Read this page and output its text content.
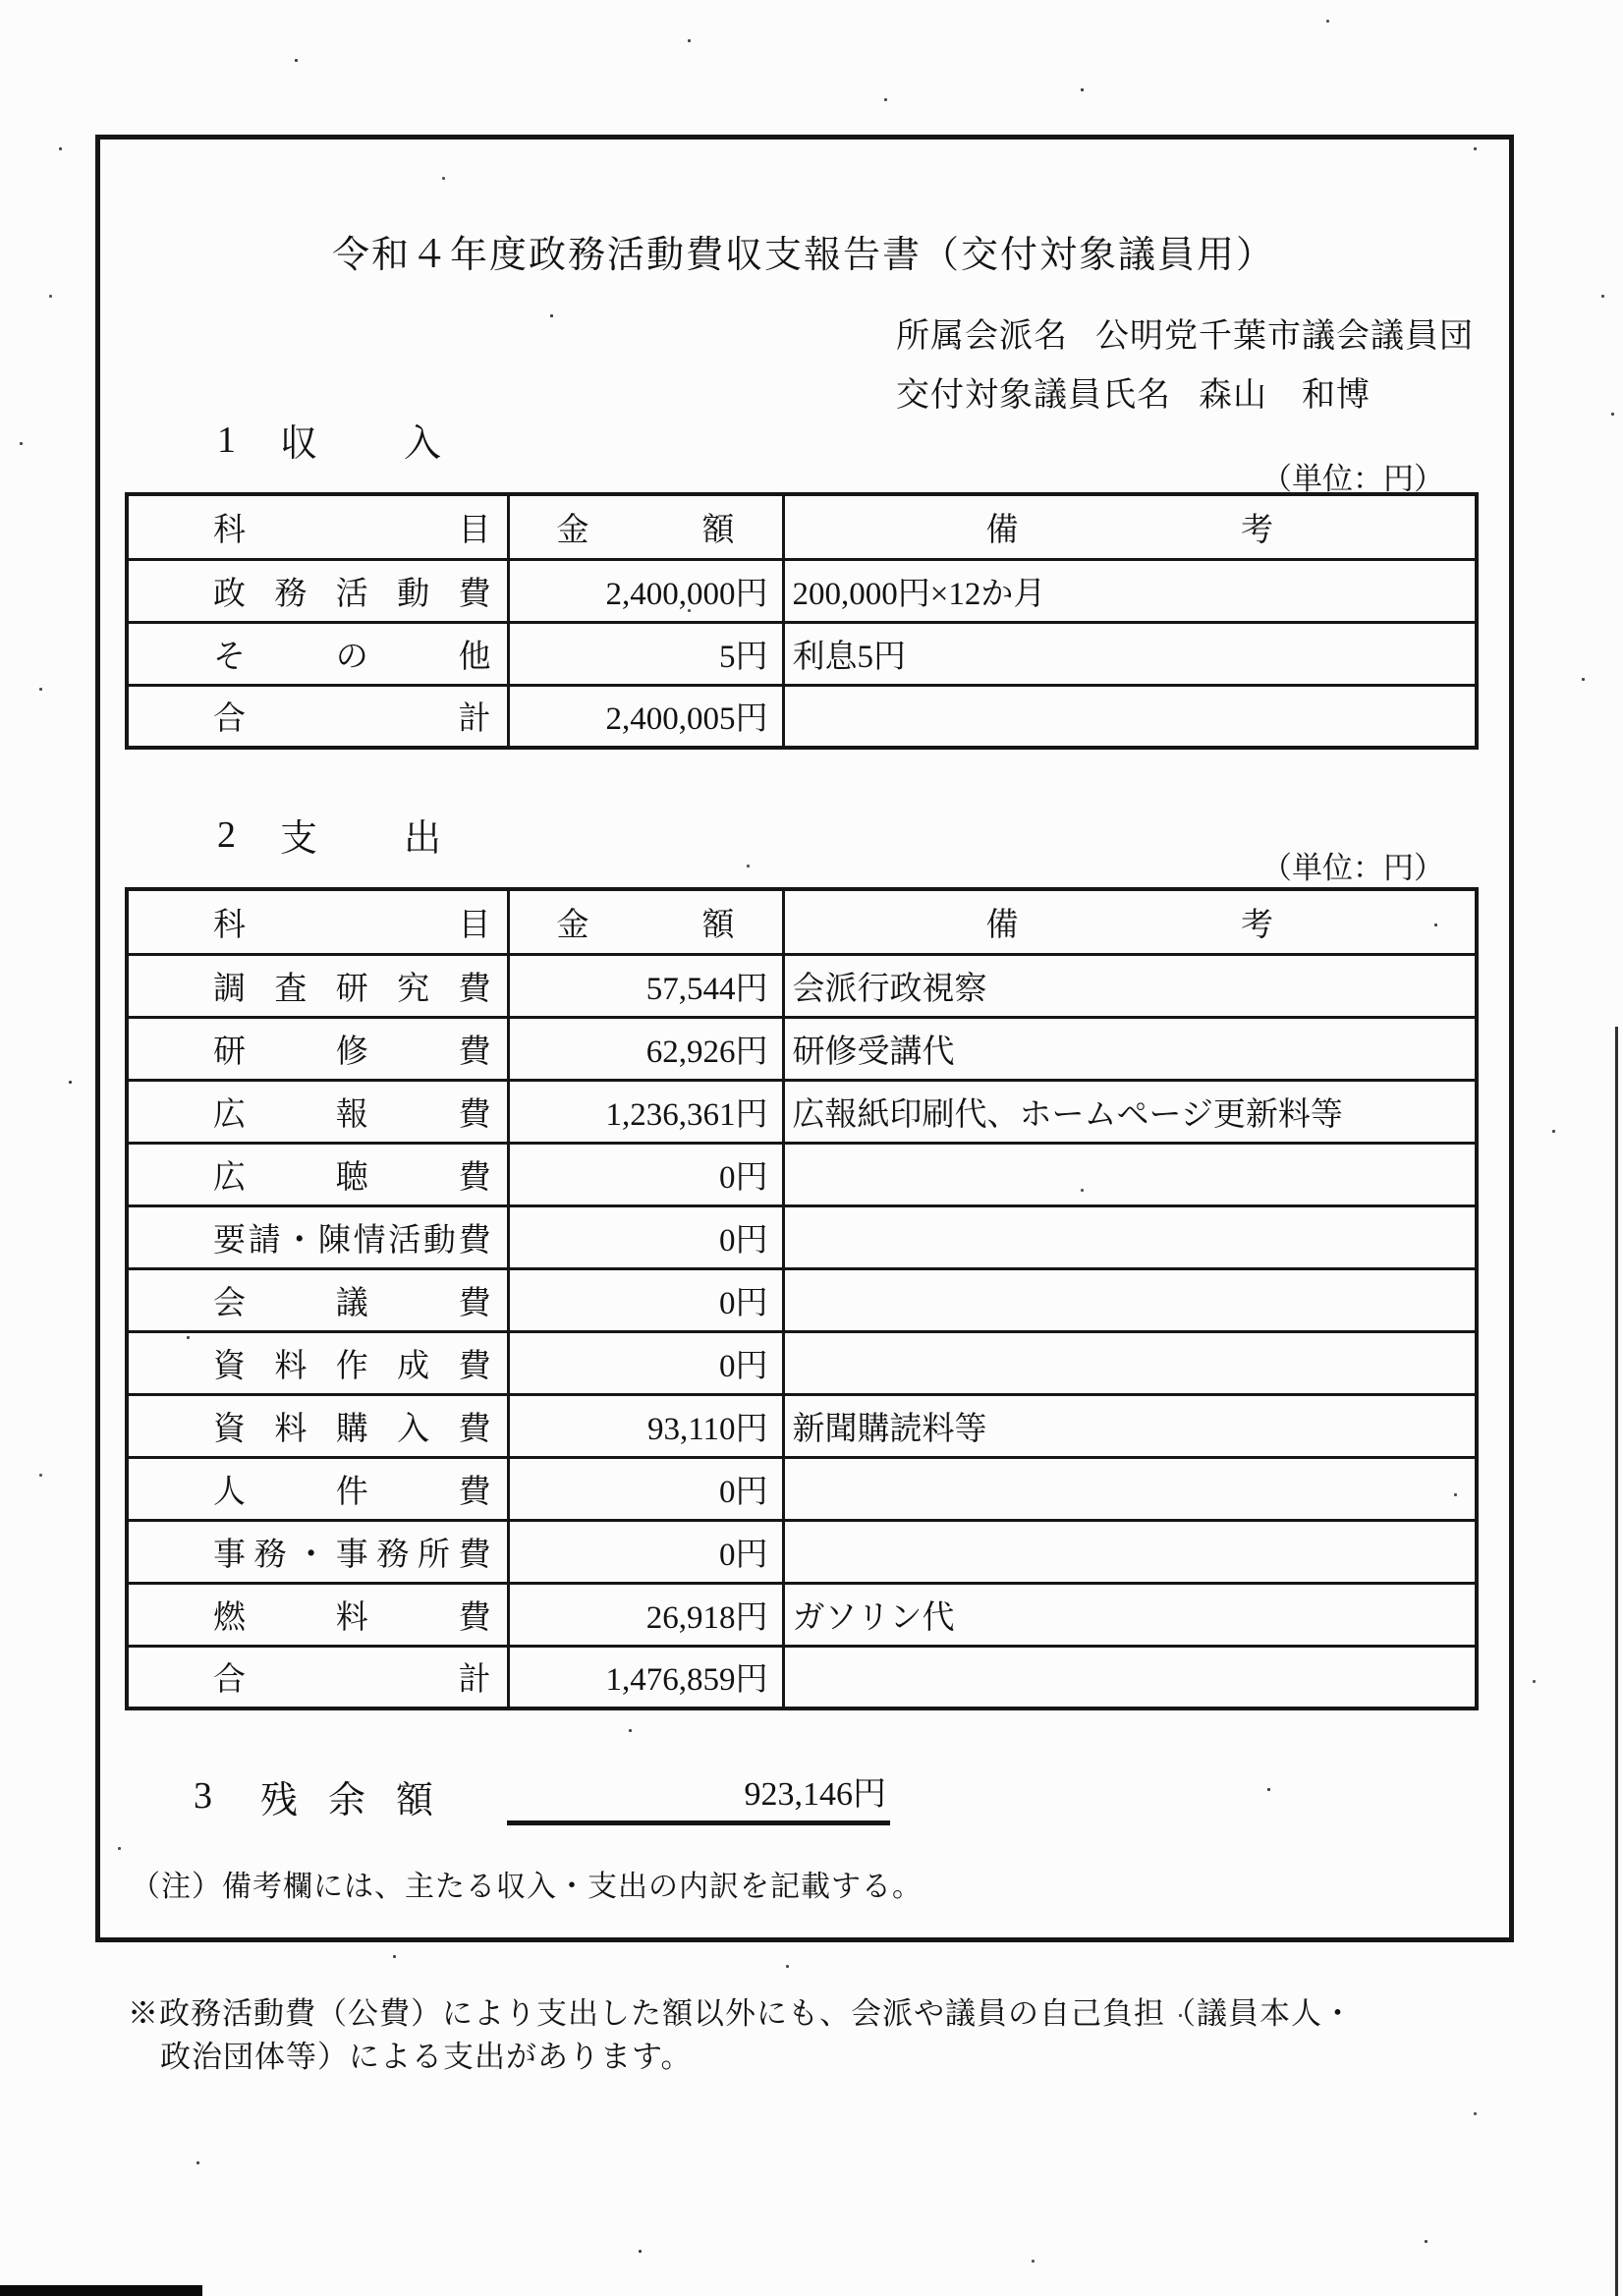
令和４年度政務活動費収支報告書（交付対象議員用）
所属会派名 公明党千葉市議会議員団
交付対象議員氏名 森山　和博
1	収 入
（単位：円）
科 目	金 額	備 考

政 務 活 動 費	2,400,000円	200,000円×12か月

そ の 他	5円	利息5円

合 計	2,400,005円	
2	支 出
（単位：円）
科 目	金 額	備 考

調 査 研 究 費	57,544円	会派行政視察

研 修 費	62,926円	研修受講代

広 報 費	1,236,361円	広報紙印刷代、ホームページ更新料等

広 聴 費	0円	

要 請 ・ 陳 情 活 動 費	0円	

会 議 費	0円	

資 料 作 成 費	0円	

資 料 購 入 費	93,110円	新聞購読料等

人 件 費	0円	

事 務 ・ 事 務 所 費	0円	

燃 料 費	26,918円	ガソリン代

合 計	1,476,859円	
3	残 余 額	923,146円
（注）備考欄には、主たる収入・支出の内訳を記載する。
※政務活動費（公費）により支出した額以外にも、会派や議員の自己負担（議員本人・
政治団体等）による支出があります。
